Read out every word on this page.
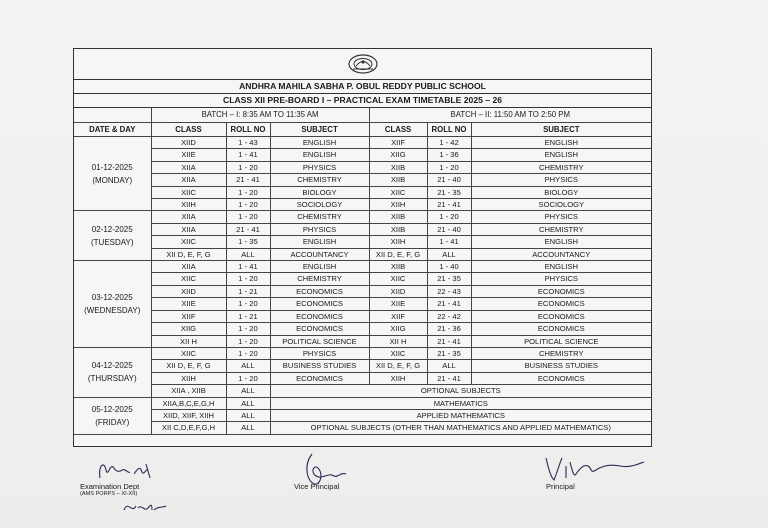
ANDHRA MAHILA SABHA P. OBUL REDDY PUBLIC SCHOOL
CLASS XII PRE-BOARD I – PRACTICAL EXAM TIMETABLE 2025 – 26
	BATCH – I: 8:35 AM TO 11:35 AM			BATCH – II: 11:50 AM TO 2:50 PM		
DATE & DAY	CLASS	ROLL NO	SUBJECT	CLASS	ROLL NO	SUBJECT

01-12-2025
(MONDAY)	XIID	1 - 43	ENGLISH	XIIF	1 - 42	ENGLISH
	XIIE	1 - 41	ENGLISH	XIIG	1 - 36	ENGLISH
	XIIA	1 - 20	PHYSICS	XIIB	1 - 20	CHEMISTRY
	XIIA	21 - 41	CHEMISTRY	XIIB	21 - 40	PHYSICS
	XIIC	1 - 20	BIOLOGY	XIIC	21 - 35	BIOLOGY
	XIIH	1 - 20	SOCIOLOGY	XIIH	21 - 41	SOCIOLOGY

02-12-2025
(TUESDAY)	XIIA	1 - 20	CHEMISTRY	XIIB	1 - 20	PHYSICS
	XIIA	21 - 41	PHYSICS	XIIB	21 - 40	CHEMISTRY
	XIIC	1 - 35	ENGLISH	XIIH	1 - 41	ENGLISH
	XII D, E, F, G	ALL	ACCOUNTANCY	XII D, E, F, G	ALL	ACCOUNTANCY

03-12-2025
(WEDNESDAY)	XIIA	1 - 41	ENGLISH	XIIB	1 - 40	ENGLISH
	XIIC	1 - 20	CHEMISTRY	XIIC	21 - 35	PHYSICS
	XIID	1 - 21	ECONOMICS	XIID	22 - 43	ECONOMICS
	XIIE	1 - 20	ECONOMICS	XIIE	21 - 41	ECONOMICS
	XIIF	1 - 21	ECONOMICS	XIIF	22 - 42	ECONOMICS
	XIIG	1 - 20	ECONOMICS	XIIG	21 - 36	ECONOMICS
	XII H	1 - 20	POLITICAL SCIENCE	XII H	21 - 41	POLITICAL SCIENCE

04-12-2025
(THURSDAY)	XIIC	1 - 20	PHYSICS	XIIC	21 - 35	CHEMISTRY
	XII D, E, F, G	ALL	BUSINESS STUDIES	XII D, E, F, G	ALL	BUSINESS STUDIES
	XIIH	1 - 20	ECONOMICS	XIIH	21 - 41	ECONOMICS
	XIIA , XIIB	ALL	OPTIONAL SUBJECTS			

05-12-2025
(FRIDAY)	XIIA,B,C,E,G,H	ALL	MATHEMATICS			
	XIID, XIIF, XIIH	ALL	APPLIED MATHEMATICS			
	XII C,D,E,F,G,H	ALL	OPTIONAL SUBJECTS (OTHER THAN MATHEMATICS AND APPLIED MATHEMATICS)			
Examination Dept
(AMS PORPS – XI-XII)
Vice Principal	Principal
